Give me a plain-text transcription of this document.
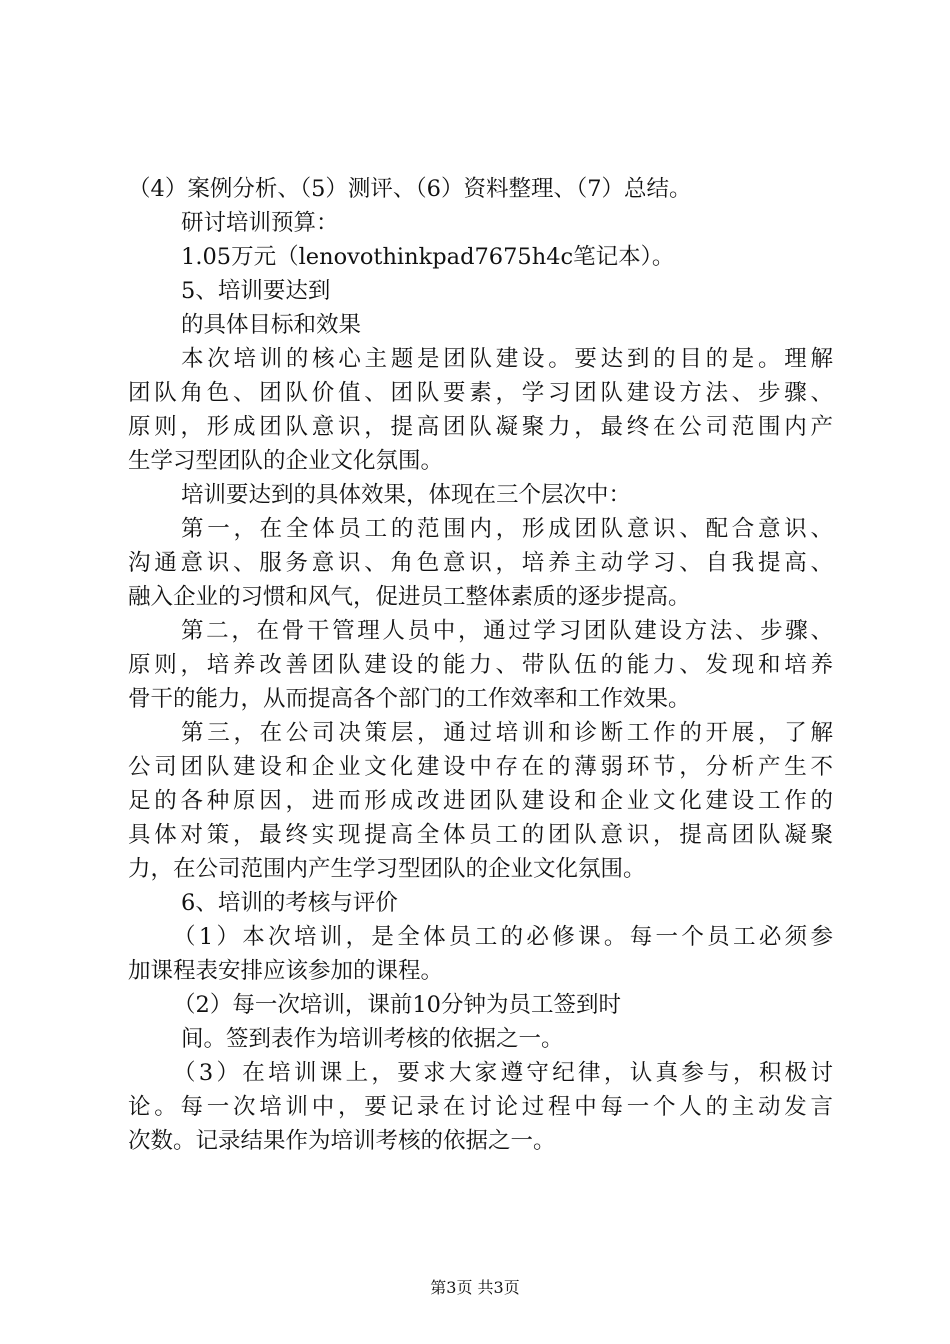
（4）案例分析、（5）测评、（6）资料整理、（7）总结。
研讨培训预算：
1.05万元（lenovothinkpad7675h4c笔记本）。
5、培训要达到
的具体目标和效果
本次培训的核心主题是团队建设。要达到的目的是。理解
团队角色、团队价值、团队要素，学习团队建设方法、步骤、
原则，形成团队意识，提高团队凝聚力，最终在公司范围内产
生学习型团队的企业文化氛围。
培训要达到的具体效果，体现在三个层次中：
第一，在全体员工的范围内，形成团队意识、配合意识、
沟通意识、服务意识、角色意识，培养主动学习、自我提高、
融入企业的习惯和风气，促进员工整体素质的逐步提高。
第二，在骨干管理人员中，通过学习团队建设方法、步骤、
原则，培养改善团队建设的能力、带队伍的能力、发现和培养
骨干的能力，从而提高各个部门的工作效率和工作效果。
第三，在公司决策层，通过培训和诊断工作的开展，了解
公司团队建设和企业文化建设中存在的薄弱环节，分析产生不
足的各种原因，进而形成改进团队建设和企业文化建设工作的
具体对策，最终实现提高全体员工的团队意识，提高团队凝聚
力，在公司范围内产生学习型团队的企业文化氛围。
6、培训的考核与评价
（1）本次培训，是全体员工的必修课。每一个员工必须参
加课程表安排应该参加的课程。
（2）每一次培训，课前10分钟为员工签到时
间。签到表作为培训考核的依据之一。
（3）在培训课上，要求大家遵守纪律，认真参与，积极讨
论。每一次培训中，要记录在讨论过程中每一个人的主动发言
次数。记录结果作为培训考核的依据之一。
第3页 共3页
